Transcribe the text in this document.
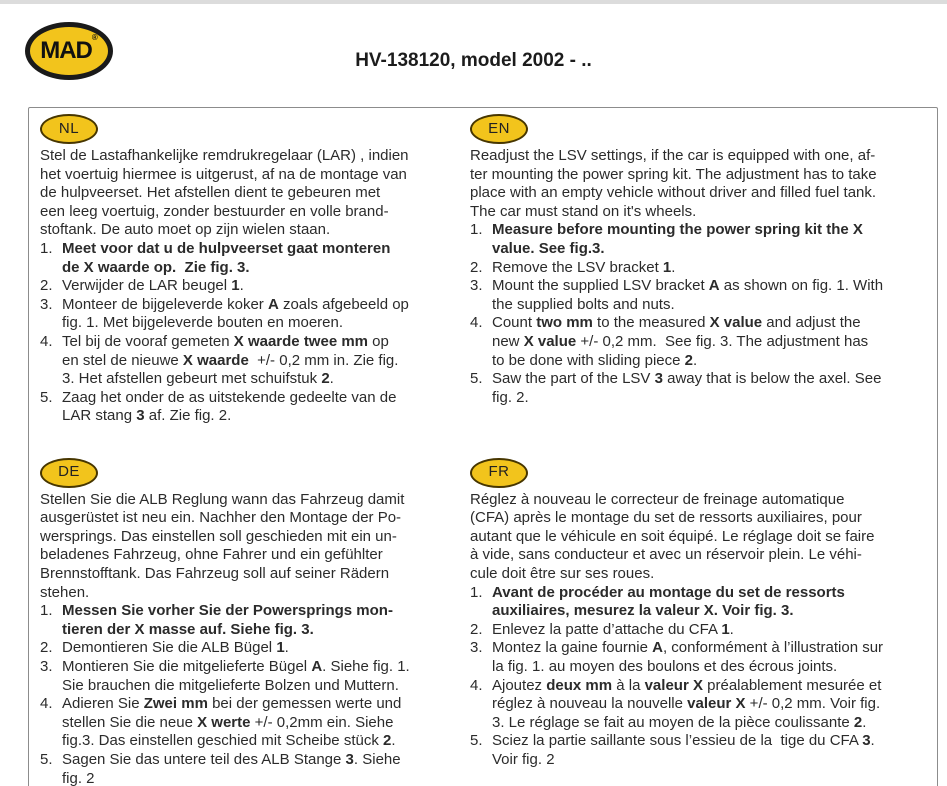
MAD ®
HV-138120, model 2002 - ..
NL

Stel de Lastafhankelijke remdrukregelaar (LAR) , indien
het voertuig hiermee is uitgerust, af na de montage van
de hulpveerset. Het afstellen dient te gebeuren met
een leeg voertuig, zonder bestuurder en volle brand-
stoftank. De auto moet op zijn wielen staan.

1. Meet voor dat u de hulpveerset gaat monteren
de X waarde op.  Zie fig. 3.
2. Verwijder de LAR beugel 1.
3. Monteer de bijgeleverde koker A zoals afgebeeld op
fig. 1. Met bijgeleverde bouten en moeren.
4. Tel bij de vooraf gemeten X waarde twee mm op
en stel de nieuwe X waarde  +/- 0,2 mm in. Zie fig.
3. Het afstellen gebeurt met schuifstuk 2.
5. Zaag het onder de as uitstekende gedeelte van de
LAR stang 3 af. Zie fig. 2.
EN

Readjust the LSV settings, if the car is equipped with one, af-
ter mounting the power spring kit. The adjustment has to take
place with an empty vehicle without driver and filled fuel tank.
The car must stand on it's wheels.

1. Measure before mounting the power spring kit the X
value. See fig.3.
2. Remove the LSV bracket 1.
3. Mount the supplied LSV bracket A as shown on fig. 1. With
the supplied bolts and nuts.
4. Count two mm to the measured X value and adjust the
new X value +/- 0,2 mm.  See fig. 3. The adjustment has
to be done with sliding piece 2.
5. Saw the part of the LSV 3 away that is below the axel. See
fig. 2.
DE

Stellen Sie die ALB Reglung wann das Fahrzeug damit
ausgerüstet ist neu ein. Nachher den Montage der Po-
wersprings. Das einstellen soll geschieden mit ein un-
beladenes Fahrzeug, ohne Fahrer und ein gefühlter
Brennstofftank. Das Fahrzeug soll auf seiner Rädern
stehen.

1. Messen Sie vorher Sie der Powersprings mon-
tieren der X masse auf. Siehe fig. 3.
2. Demontieren Sie die ALB Bügel 1.
3. Montieren Sie die mitgelieferte Bügel A. Siehe fig. 1.
Sie brauchen die mitgelieferte Bolzen und Muttern.
4. Adieren Sie Zwei mm bei der gemessen werte und
stellen Sie die neue X werte +/- 0,2mm ein. Siehe
fig.3. Das einstellen geschied mit Scheibe stück 2.
5. Sagen Sie das untere teil des ALB Stange 3. Siehe
fig. 2
FR

Réglez à nouveau le correcteur de freinage automatique
(CFA) après le montage du set de ressorts auxiliaires, pour
autant que le véhicule en soit équipé. Le réglage doit se faire
à vide, sans conducteur et avec un réservoir plein. Le véhi-
cule doit être sur ses roues.

1. Avant de procéder au montage du set de ressorts
auxiliaires, mesurez la valeur X. Voir fig. 3.
2. Enlevez la patte d’attache du CFA 1.
3. Montez la gaine fournie A, conformément à l’illustration sur
la fig. 1. au moyen des boulons et des écrous joints.
4. Ajoutez deux mm à la valeur X préalablement mesurée et
réglez à nouveau la nouvelle valeur X +/- 0,2 mm. Voir fig.
3. Le réglage se fait au moyen de la pièce coulissante 2.
5. Sciez la partie saillante sous l’essieu de la  tige du CFA 3.
Voir fig. 2
